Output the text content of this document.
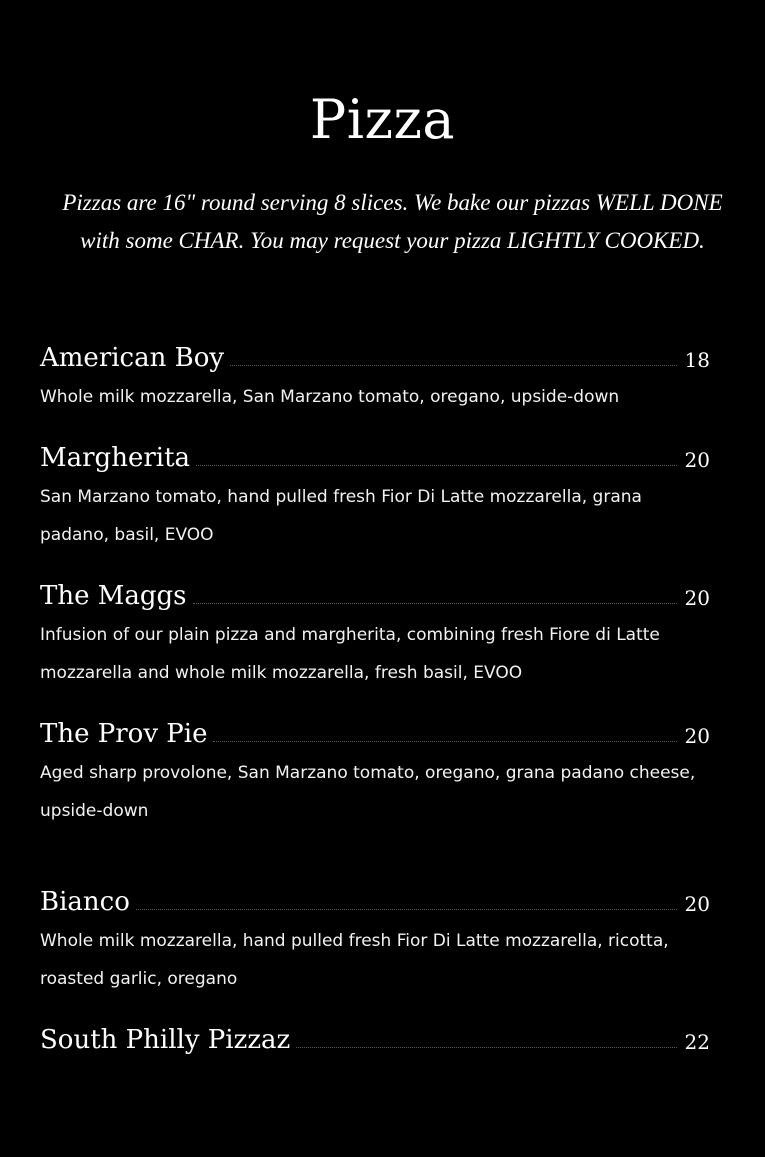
Pizza

Pizzas are 16" round serving 8 slices. We bake our pizzas WELL DONE with some CHAR. You may request your pizza LIGHTLY COOKED.

American Boy	18

Whole milk mozzarella, San Marzano tomato, oregano, upside-down

Margherita	20

San Marzano tomato, hand pulled fresh Fior Di Latte mozzarella, grana padano, basil, EVOO

The Maggs	20

Infusion of our plain pizza and margherita, combining fresh Fiore di Latte mozzarella and whole milk mozzarella, fresh basil, EVOO

The Prov Pie	20

Aged sharp provolone, San Marzano tomato, oregano, grana padano cheese, upside-down

Bianco	20

Whole milk mozzarella, hand pulled fresh Fior Di Latte mozzarella, ricotta, roasted garlic, oregano

South Philly Pizzaz	22
